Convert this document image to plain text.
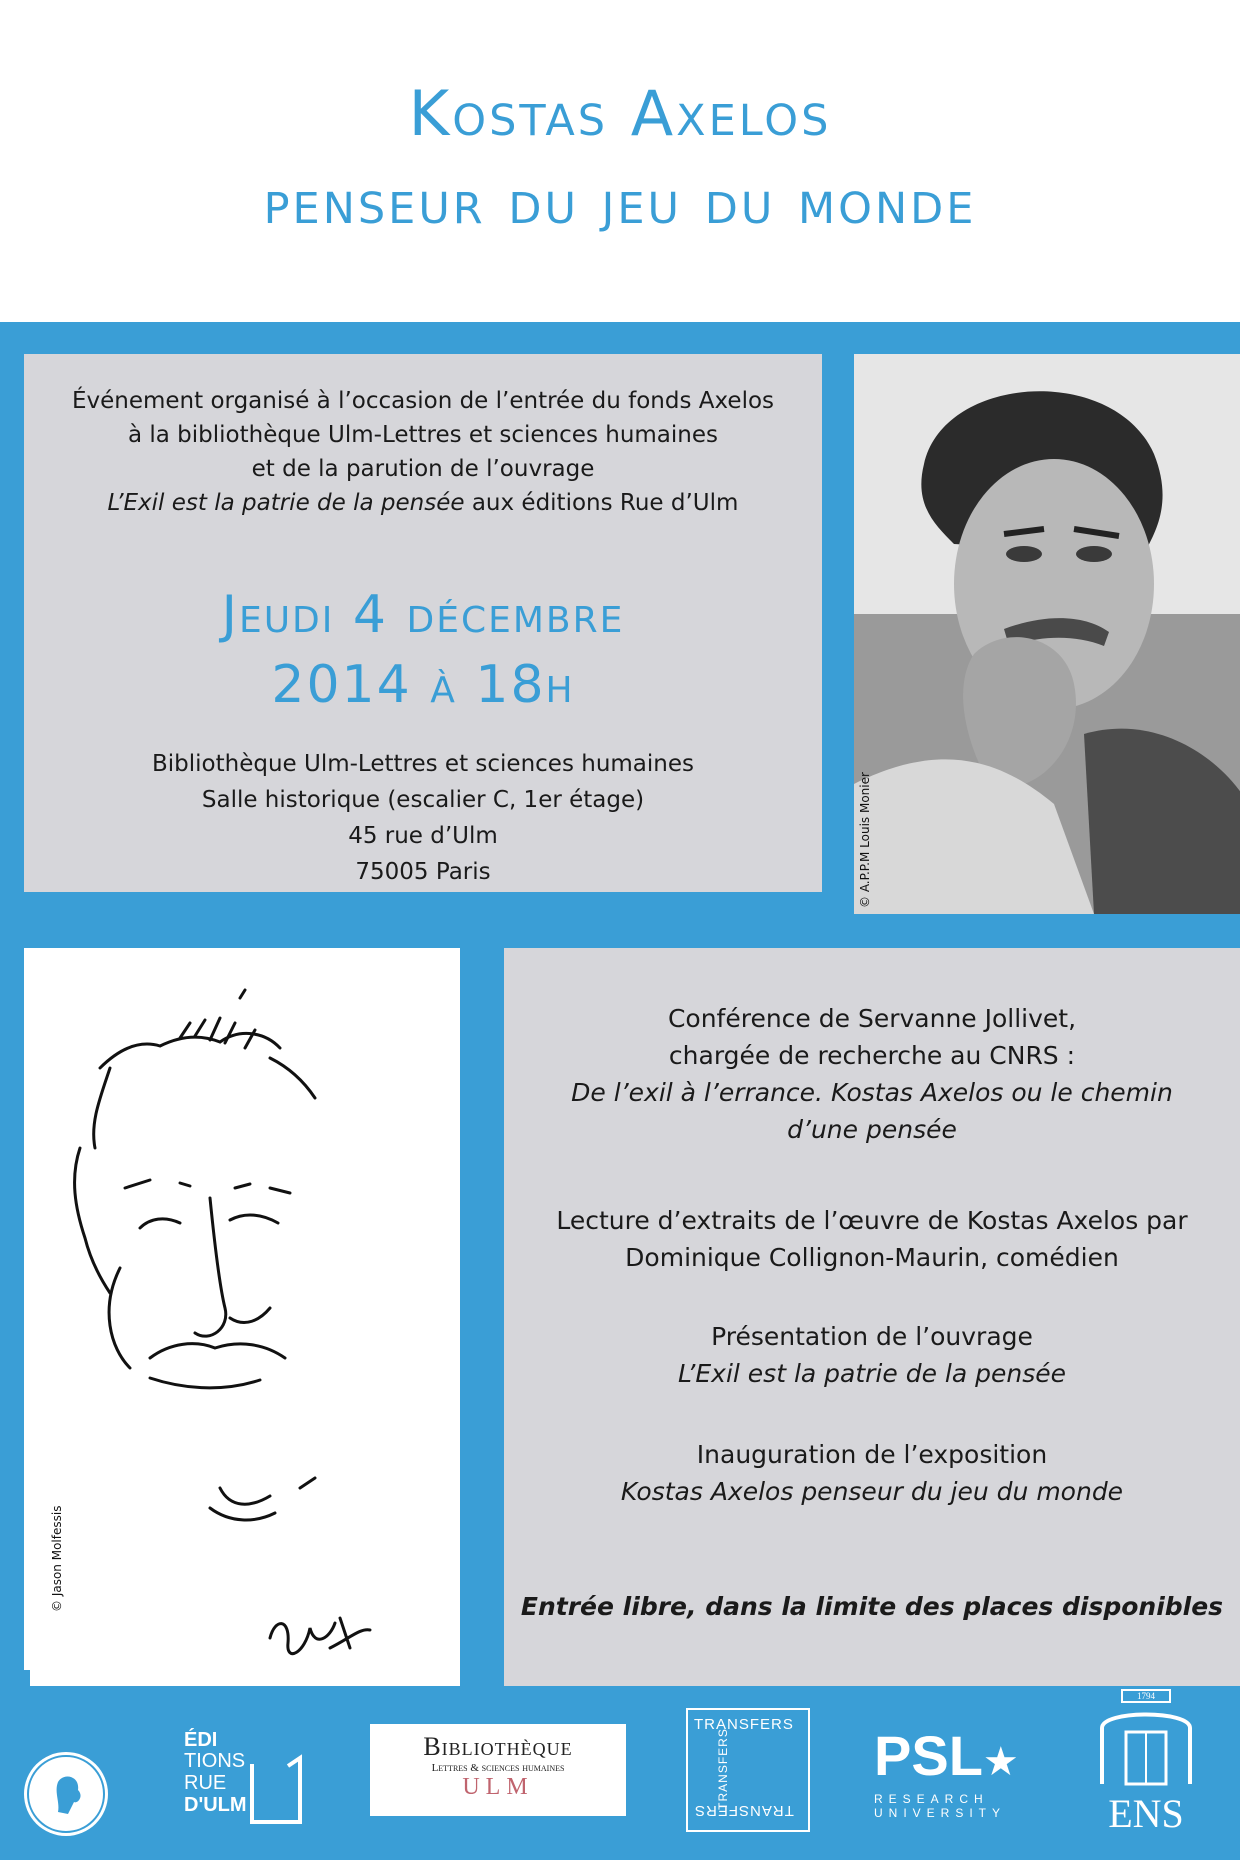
Kostas Axelos
penseur du jeu du monde
Événement organisé à l’occasion de l’entrée du fonds Axelos
à la bibliothèque Ulm-Lettres et sciences humaines
et de la parution de l’ouvrage
L’Exil est la patrie de la pensée aux éditions Rue d’Ulm
Jeudi 4 décembre
2014 à 18h
Bibliothèque Ulm-Lettres et sciences humaines
Salle historique (escalier C, 1er étage)
45 rue d’Ulm
75005 Paris	© A.P.P.M Louis Monier
© Jason Molfessis
Conférence de Servanne Jollivet,
chargée de recherche au CNRS :
De l’exil à l’errance. Kostas Axelos ou le chemin
d’une pensée
Lecture d’extraits de l’œuvre de Kostas Axelos par
Dominique Collignon-Maurin, comédien
Présentation de l’ouvrage
L’Exil est la patrie de la pensée
Inauguration de l’exposition
Kostas Axelos penseur du jeu du monde
Entrée libre, dans la limite des places disponibles
ÉDI
TIONS
RUE
D'ULM
Bibliothèque
Lettres & sciences humaines
ULM
TRANSFERS
TRANSFERS
TRANSFERS	PSL★
RESEARCH
UNIVERSITY
1794
ENS
